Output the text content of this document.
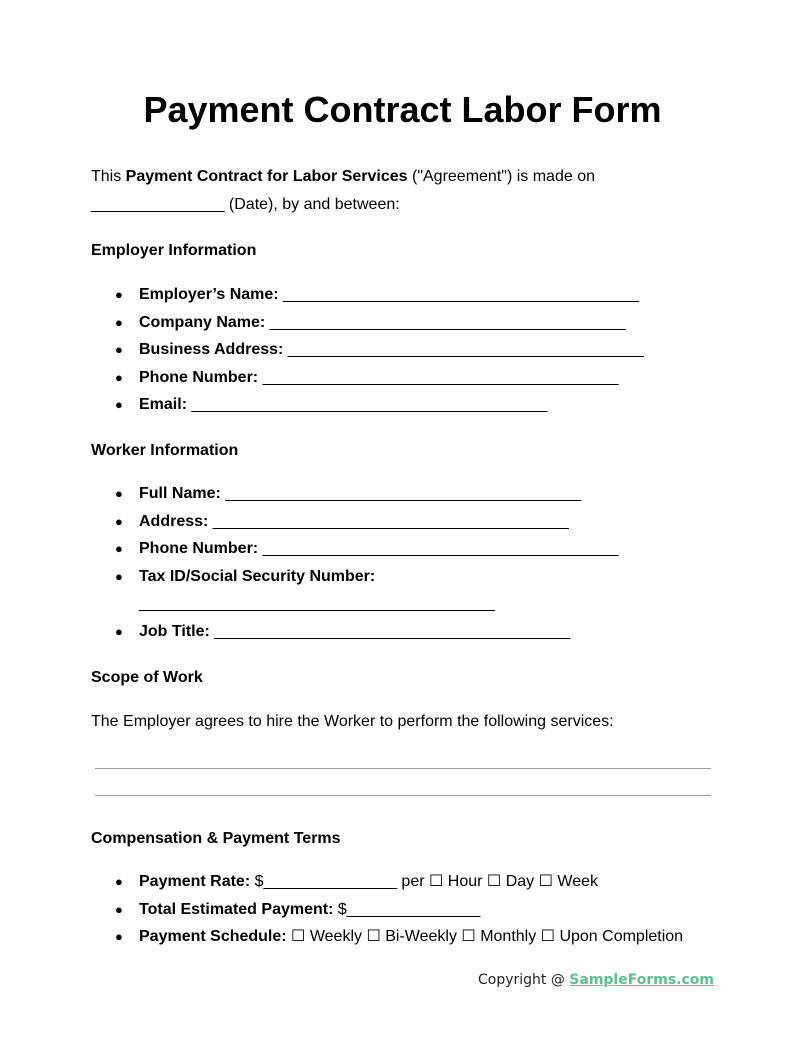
Payment Contract Labor Form

This Payment Contract for Labor Services ("Agreement") is made on
_______________ (Date), by and between:

Employer Information

● Employer’s Name: ________________________________________
● Company Name: ________________________________________
● Business Address: ________________________________________
● Phone Number: ________________________________________
● Email: ________________________________________

Worker Information

● Full Name: ________________________________________
● Address: ________________________________________
● Phone Number: ________________________________________
● Tax ID/Social Security Number:
________________________________________
● Job Title: ________________________________________

Scope of Work

The Employer agrees to hire the Worker to perform the following services:

Compensation & Payment Terms

● Payment Rate: $_______________ per ☐ Hour ☐ Day ☐ Week
● Total Estimated Payment: $_______________
● Payment Schedule: ☐ Weekly ☐ Bi-Weekly ☐ Monthly ☐ Upon Completion
Copyright @ SampleForms.com
